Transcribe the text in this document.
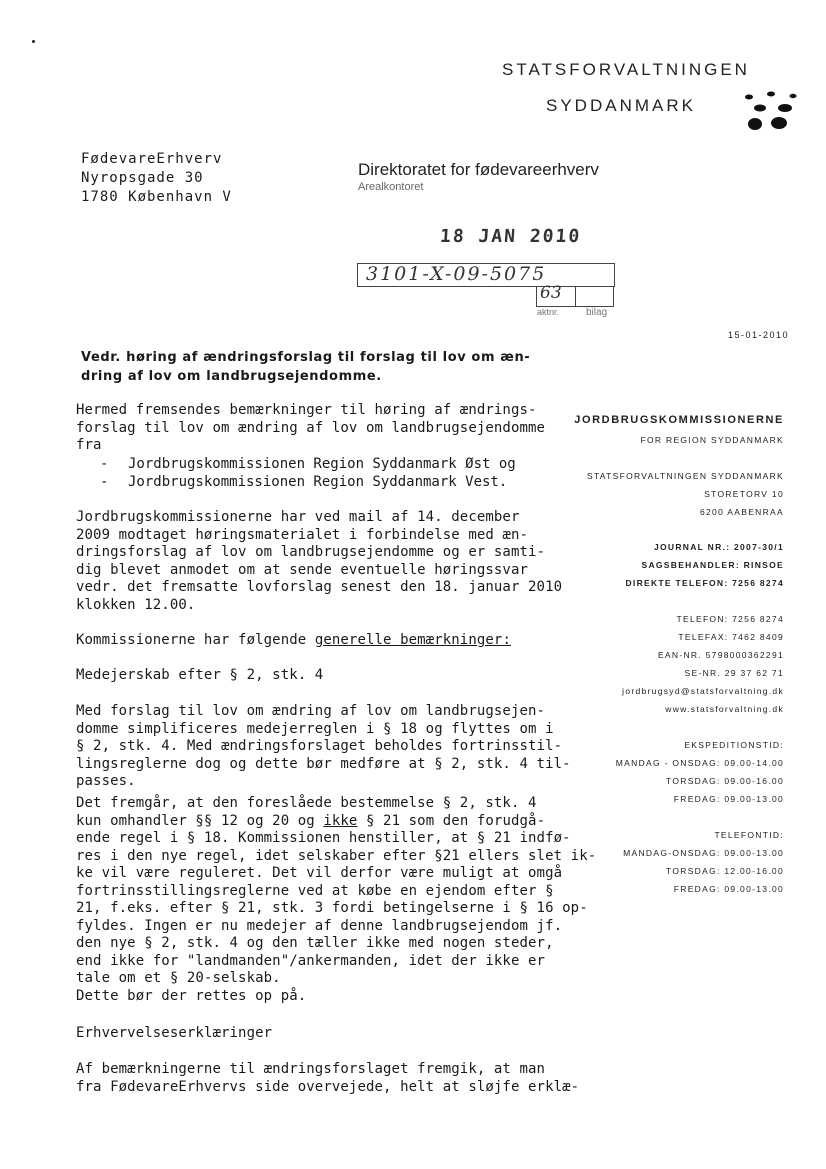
STATSFORVALTNINGEN
SYDDANMARK
FødevareErhverv
Nyropsgade 30
1780 København V
Direktoratet for fødevareerhverv
Arealkontoret
18 JAN 2010
3101-X-09-5075
63
aktnr.	bilag
15-01-2010
Vedr. høring af ændringsforslag til forslag til lov om æn-
dring af lov om landbrugsejendomme.
Hermed fremsendes bemærkninger til høring af ændrings-
forslag til lov om ændring af lov om landbrugsejendomme
fra
- Jordbrugskommissionen Region Syddanmark Øst og
- Jordbrugskommissionen Region Syddanmark Vest.
Jordbrugskommissionerne har ved mail af 14. december
2009 modtaget høringsmaterialet i forbindelse med æn-
dringsforslag af lov om landbrugsejendomme og er samti-
dig blevet anmodet om at sende eventuelle høringssvar
vedr. det fremsatte lovforslag senest den 18. januar 2010
klokken 12.00.
Kommissionerne har følgende generelle bemærkninger:
Medejerskab efter § 2, stk. 4
Med forslag til lov om ændring af lov om landbrugsejen-
domme simplificeres medejerreglen i § 18 og flyttes om i
§ 2, stk. 4. Med ændringsforslaget beholdes fortrinsstil-
lingsreglerne dog og dette bør medføre at § 2, stk. 4 til-
passes.
Det fremgår, at den foreslåede bestemmelse § 2, stk. 4
kun omhandler §§ 12 og 20 og ikke § 21 som den forudgå-
ende regel i § 18. Kommissionen henstiller, at § 21 indfø-
res i den nye regel, idet selskaber efter §21 ellers slet ik-
ke vil være reguleret. Det vil derfor være muligt at omgå
fortrinsstillingsreglerne ved at købe en ejendom efter §
21, f.eks. efter § 21, stk. 3 fordi betingelserne i § 16 op-
fyldes. Ingen er nu medejer af denne landbrugsejendom jf.
den nye § 2, stk. 4 og den tæller ikke med nogen steder,
end ikke for "landmanden"/ankermanden, idet der ikke er
tale om et § 20-selskab.
Dette bør der rettes op på.
Erhvervelseserklæringer
Af bemærkningerne til ændringsforslaget fremgik, at man
fra FødevareErhvervs side overvejede, helt at sløjfe erklæ-
JORDBRUGSKOMMISSIONERNE
FOR REGION SYDDANMARK
STATSFORVALTNINGEN SYDDANMARK
STORETORV 10
6200 AABENRAA
JOURNAL NR.: 2007-30/1
SAGSBEHANDLER: RINSOE
DIREKTE TELEFON: 7256 8274
TELEFON: 7256 8274
TELEFAX: 7462 8409
EAN-NR. 5798000362291
SE-NR. 29 37 62 71
jordbrugsyd@statsforvaltning.dk
www.statsforvaltning.dk
EKSPEDITIONSTID:
MANDAG - ONSDAG: 09.00-14.00
TORSDAG: 09.00-16.00
FREDAG: 09.00-13.00
TELEFONTID:
MANDAG-ONSDAG: 09.00-13.00
TORSDAG: 12.00-16.00
FREDAG: 09.00-13.00
